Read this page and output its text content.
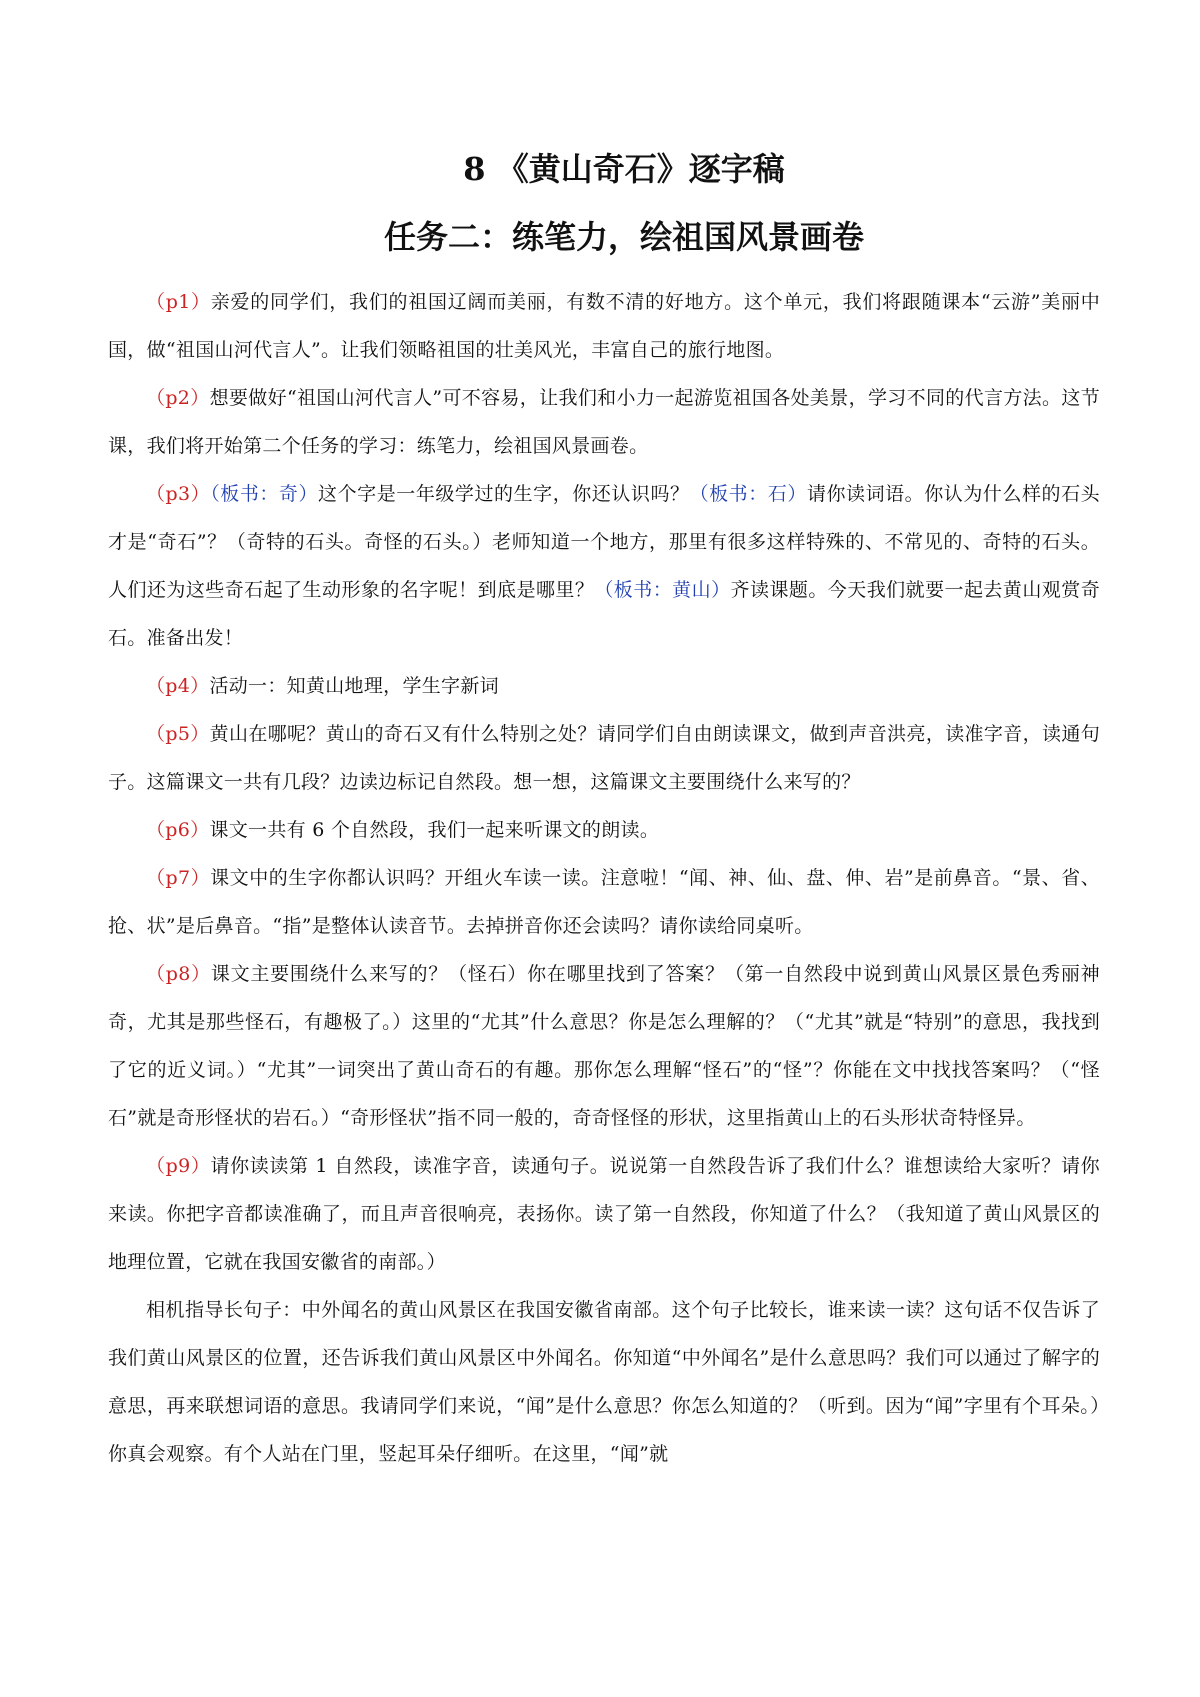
8 《黄山奇石》逐字稿
任务二：练笔力，绘祖国风景画卷

（p1）亲爱的同学们，我们的祖国辽阔而美丽，有数不清的好地方。这个单元，我们将跟随课本“云游”美丽中国，做“祖国山河代言人”。让我们领略祖国的壮美风光，丰富自己的旅行地图。

（p2）想要做好“祖国山河代言人”可不容易，让我们和小力一起游览祖国各处美景，学习不同的代言方法。这节课，我们将开始第二个任务的学习：练笔力，绘祖国风景画卷。

（p3）（板书：奇）这个字是一年级学过的生字，你还认识吗？（板书：石）请你读词语。你认为什么样的石头才是“奇石”？（奇特的石头。奇怪的石头。）老师知道一个地方，那里有很多这样特殊的、不常见的、奇特的石头。人们还为这些奇石起了生动形象的名字呢！到底是哪里？（板书：黄山）齐读课题。今天我们就要一起去黄山观赏奇石。准备出发！

（p4）活动一：知黄山地理，学生字新词

（p5）黄山在哪呢？黄山的奇石又有什么特别之处？请同学们自由朗读课文，做到声音洪亮，读准字音，读通句子。这篇课文一共有几段？边读边标记自然段。想一想，这篇课文主要围绕什么来写的？

（p6）课文一共有 6 个自然段，我们一起来听课文的朗读。

（p7）课文中的生字你都认识吗？开组火车读一读。注意啦！“闻、神、仙、盘、伸、岩”是前鼻音。“景、省、抢、状”是后鼻音。“指”是整体认读音节。去掉拼音你还会读吗？请你读给同桌听。

（p8）课文主要围绕什么来写的？（怪石）你在哪里找到了答案？（第一自然段中说到黄山风景区景色秀丽神奇，尤其是那些怪石，有趣极了。）这里的“尤其”什么意思？你是怎么理解的？（“尤其”就是“特别”的意思，我找到了它的近义词。）“尤其”一词突出了黄山奇石的有趣。那你怎么理解“怪石”的“怪”？你能在文中找找答案吗？（“怪石”就是奇形怪状的岩石。）“奇形怪状”指不同一般的，奇奇怪怪的形状，这里指黄山上的石头形状奇特怪异。

（p9）请你读读第 1 自然段，读准字音，读通句子。说说第一自然段告诉了我们什么？谁想读给大家听？请你来读。你把字音都读准确了，而且声音很响亮，表扬你。读了第一自然段，你知道了什么？（我知道了黄山风景区的地理位置，它就在我国安徽省的南部。）

相机指导长句子：中外闻名的黄山风景区在我国安徽省南部。这个句子比较长，谁来读一读？这句话不仅告诉了我们黄山风景区的位置，还告诉我们黄山风景区中外闻名。你知道“中外闻名”是什么意思吗？我们可以通过了解字的意思，再来联想词语的意思。我请同学们来说，“闻”是什么意思？你怎么知道的？（听到。因为“闻”字里有个耳朵。）你真会观察。有个人站在门里，竖起耳朵仔细听。在这里，“闻”就
